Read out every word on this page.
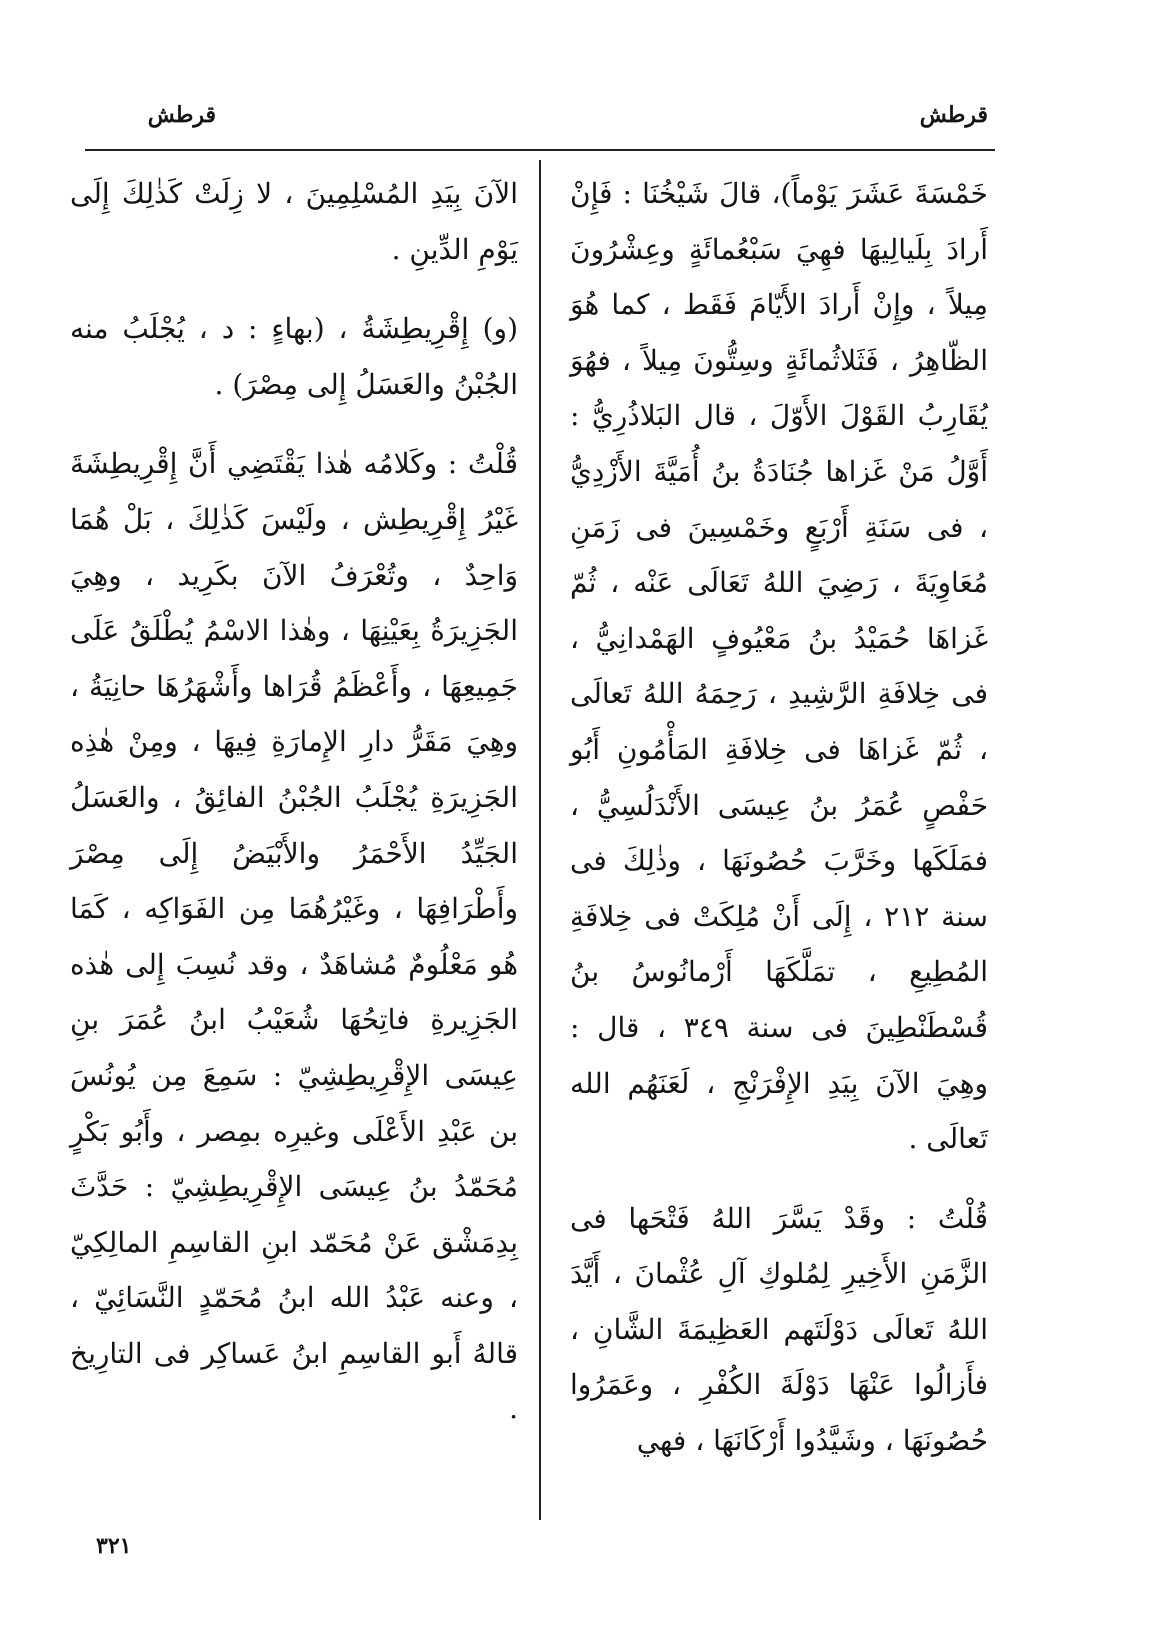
قرطش
قرطش

خَمْسَةَ عَشَرَ يَوْماً)، قالَ شَيْخُنَا : فَإِنْ أَرادَ بِلَيالِيهَا فهِيَ سَبْعُمائَةٍ وعِشْرُونَ مِيلاً ، وإِنْ أَرادَ الأَيّامَ فَقَط ، كما هُوَ الظّاهِرُ ، فَثَلاثُمائَةٍ وسِتُّونَ مِيلاً ، فهُوَ يُقَارِبُ القَوْلَ الأَوّلَ ، قال البَلاذُرِيُّ : أَوَّلُ مَنْ غَزاها جُنَادَةُ بنُ أُمَيَّةَ الأَزْدِيُّ ، فى سَنَةِ أَرْبَعٍ وخَمْسِينَ فى زَمَنِ مُعَاوِيَةَ ، رَضِيَ اللهُ تَعَالَى عَنْه ، ثُمّ غَزاهَا حُمَيْدُ بنُ مَعْيُوفٍ الهَمْدانِيُّ ، فى خِلافَةِ الرَّشِيدِ ، رَحِمَهُ اللهُ تَعالَى ، ثُمّ غَزاهَا فى خِلافَةِ المَأْمُونِ أَبُو حَفْصٍ عُمَرُ بنُ عِيسَى الأَنْدَلُسِيُّ ، فمَلَكَها وخَرَّبَ حُصُونَهَا ، وذٰلِكَ فى سنة ٢١٢ ، إِلَى أَنْ مُلِكَتْ فى خِلافَةِ المُطِيعِ ، تمَلَّكَهَا أَرْمانُوسُ بنُ قُسْطَنْطِينَ فى سنة ٣٤٩ ، قال : وهِيَ الآنَ بِيَدِ الإِفْرَنْجِ ، لَعَنَهُم الله تَعالَى .

قُلْتُ : وقَدْ يَسَّرَ اللهُ فَتْحَها فى الزَّمَنِ الأَخِيرِ لِمُلوكِ آلِ عُثْمانَ ، أَيَّدَ اللهُ تَعالَى دَوْلَتَهم العَظِيمَةَ الشَّانِ ، فأَزالُوا عَنْهَا دَوْلَةَ الكُفْرِ ، وعَمَرُوا حُصُونَهَا ، وشَيَّدُوا أَرْكَانَهَا ، فهي

الآنَ بِيَدِ المُسْلِمِينَ ، لا زِلَتْ كَذٰلِكَ إِلَى يَوْمِ الدِّينِ .

(و) إِقْرِيطِشَةُ ، (بهاءٍ : د ، يُجْلَبُ منه الجُبْنُ والعَسَلُ إِلى مِصْرَ) .

قُلْتُ : وكَلامُه هٰذا يَقْتَضِي أَنَّ إِقْرِيطِشَةَ غَيْرُ إِقْرِيطِش ، ولَيْسَ كَذٰلِكَ ، بَلْ هُمَا وَاحِدٌ ، وتُعْرَفُ الآنَ بكَرِيد ، وهِيَ الجَزِيرَةُ بِعَيْنِهَا ، وهٰذا الاسْمُ يُطْلَقُ عَلَى جَمِيعِهَا ، وأَعْظَمُ قُرَاها وأَشْهَرُهَا حانِيَةُ ، وهِيَ مَقَرُّ دارِ الإِمارَةِ فِيهَا ، ومِنْ هٰذِه الجَزِيرَةِ يُجْلَبُ الجُبْنُ الفائِقُ ، والعَسَلُ الجَيِّدُ الأَحْمَرُ والأَبْيَضُ إِلَى مِصْرَ وأَطْرَافِهَا ، وغَيْرُهُمَا مِن الفَوَاكِه ، كَمَا هُو مَعْلُومٌ مُشاهَدٌ ، وقد نُسِبَ إِلى هٰذه الجَزِيرةِ فاتِحُهَا شُعَيْبُ ابنُ عُمَرَ بنِ عِيسَى الإِقْرِيطِشِيّ : سَمِعَ مِن يُونُسَ بن عَبْدِ الأَعْلَى وغيرِه بمِصر ، وأَبُو بَكْرٍ مُحَمّدُ بنُ عِيسَى الإِقْرِيطِشِيّ : حَدَّثَ بِدِمَشْق عَنْ مُحَمّد ابنِ القاسِمِ المالِكِيّ ، وعنه عَبْدُ الله ابنُ مُحَمّدٍ النَّسَائِيّ ، قالهُ أَبو القاسِمِ ابنُ عَساكِر فى التارِيخ .

٣٢١
